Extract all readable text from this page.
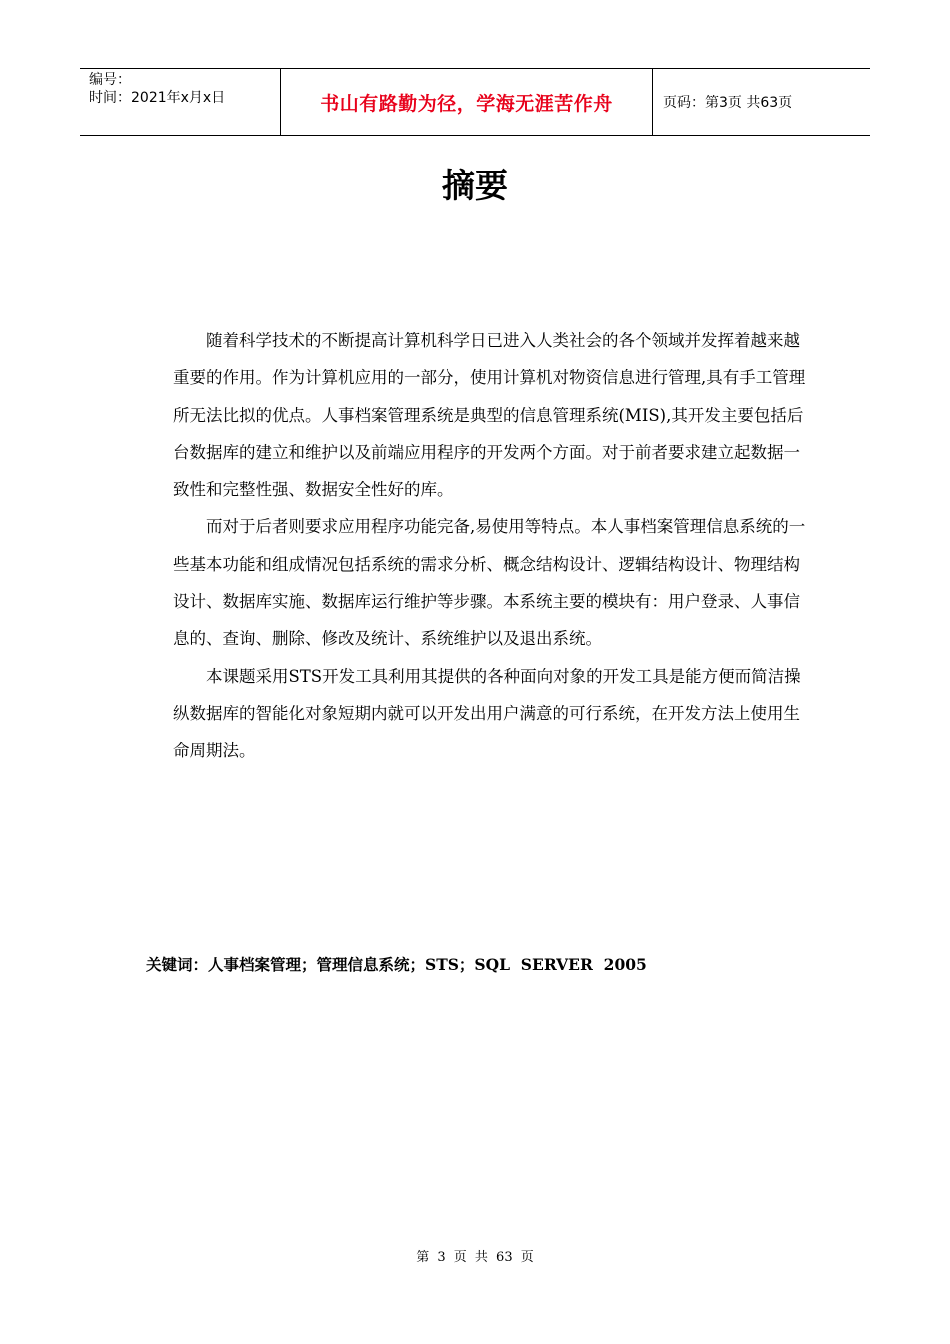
编号：
时间：2021年x月x日	书山有路勤为径，学海无涯苦作舟	页码：第3页 共63页
摘要

随着科学技术的不断提高计算机科学日已进入人类社会的各个领域并发挥着越来越重要的作用。作为计算机应用的一部分，使用计算机对物资信息进行管理,具有手工管理所无法比拟的优点。人事档案管理系统是典型的信息管理系统(MIS),其开发主要包括后台数据库的建立和维护以及前端应用程序的开发两个方面。对于前者要求建立起数据一致性和完整性强、数据安全性好的库。

而对于后者则要求应用程序功能完备,易使用等特点。本人事档案管理信息系统的一些基本功能和组成情况包括系统的需求分析、概念结构设计、逻辑结构设计、物理结构设计、数据库实施、数据库运行维护等步骤。本系统主要的模块有：用户登录、人事信息的、查询、删除、修改及统计、系统维护以及退出系统。

本课题采用STS开发工具利用其提供的各种面向对象的开发工具是能方便而简洁操纵数据库的智能化对象短期内就可以开发出用户满意的可行系统，在开发方法上使用生命周期法。

关键词：人事档案管理；管理信息系统；STS；SQL  SERVER  2005
第 3 页 共 63 页
